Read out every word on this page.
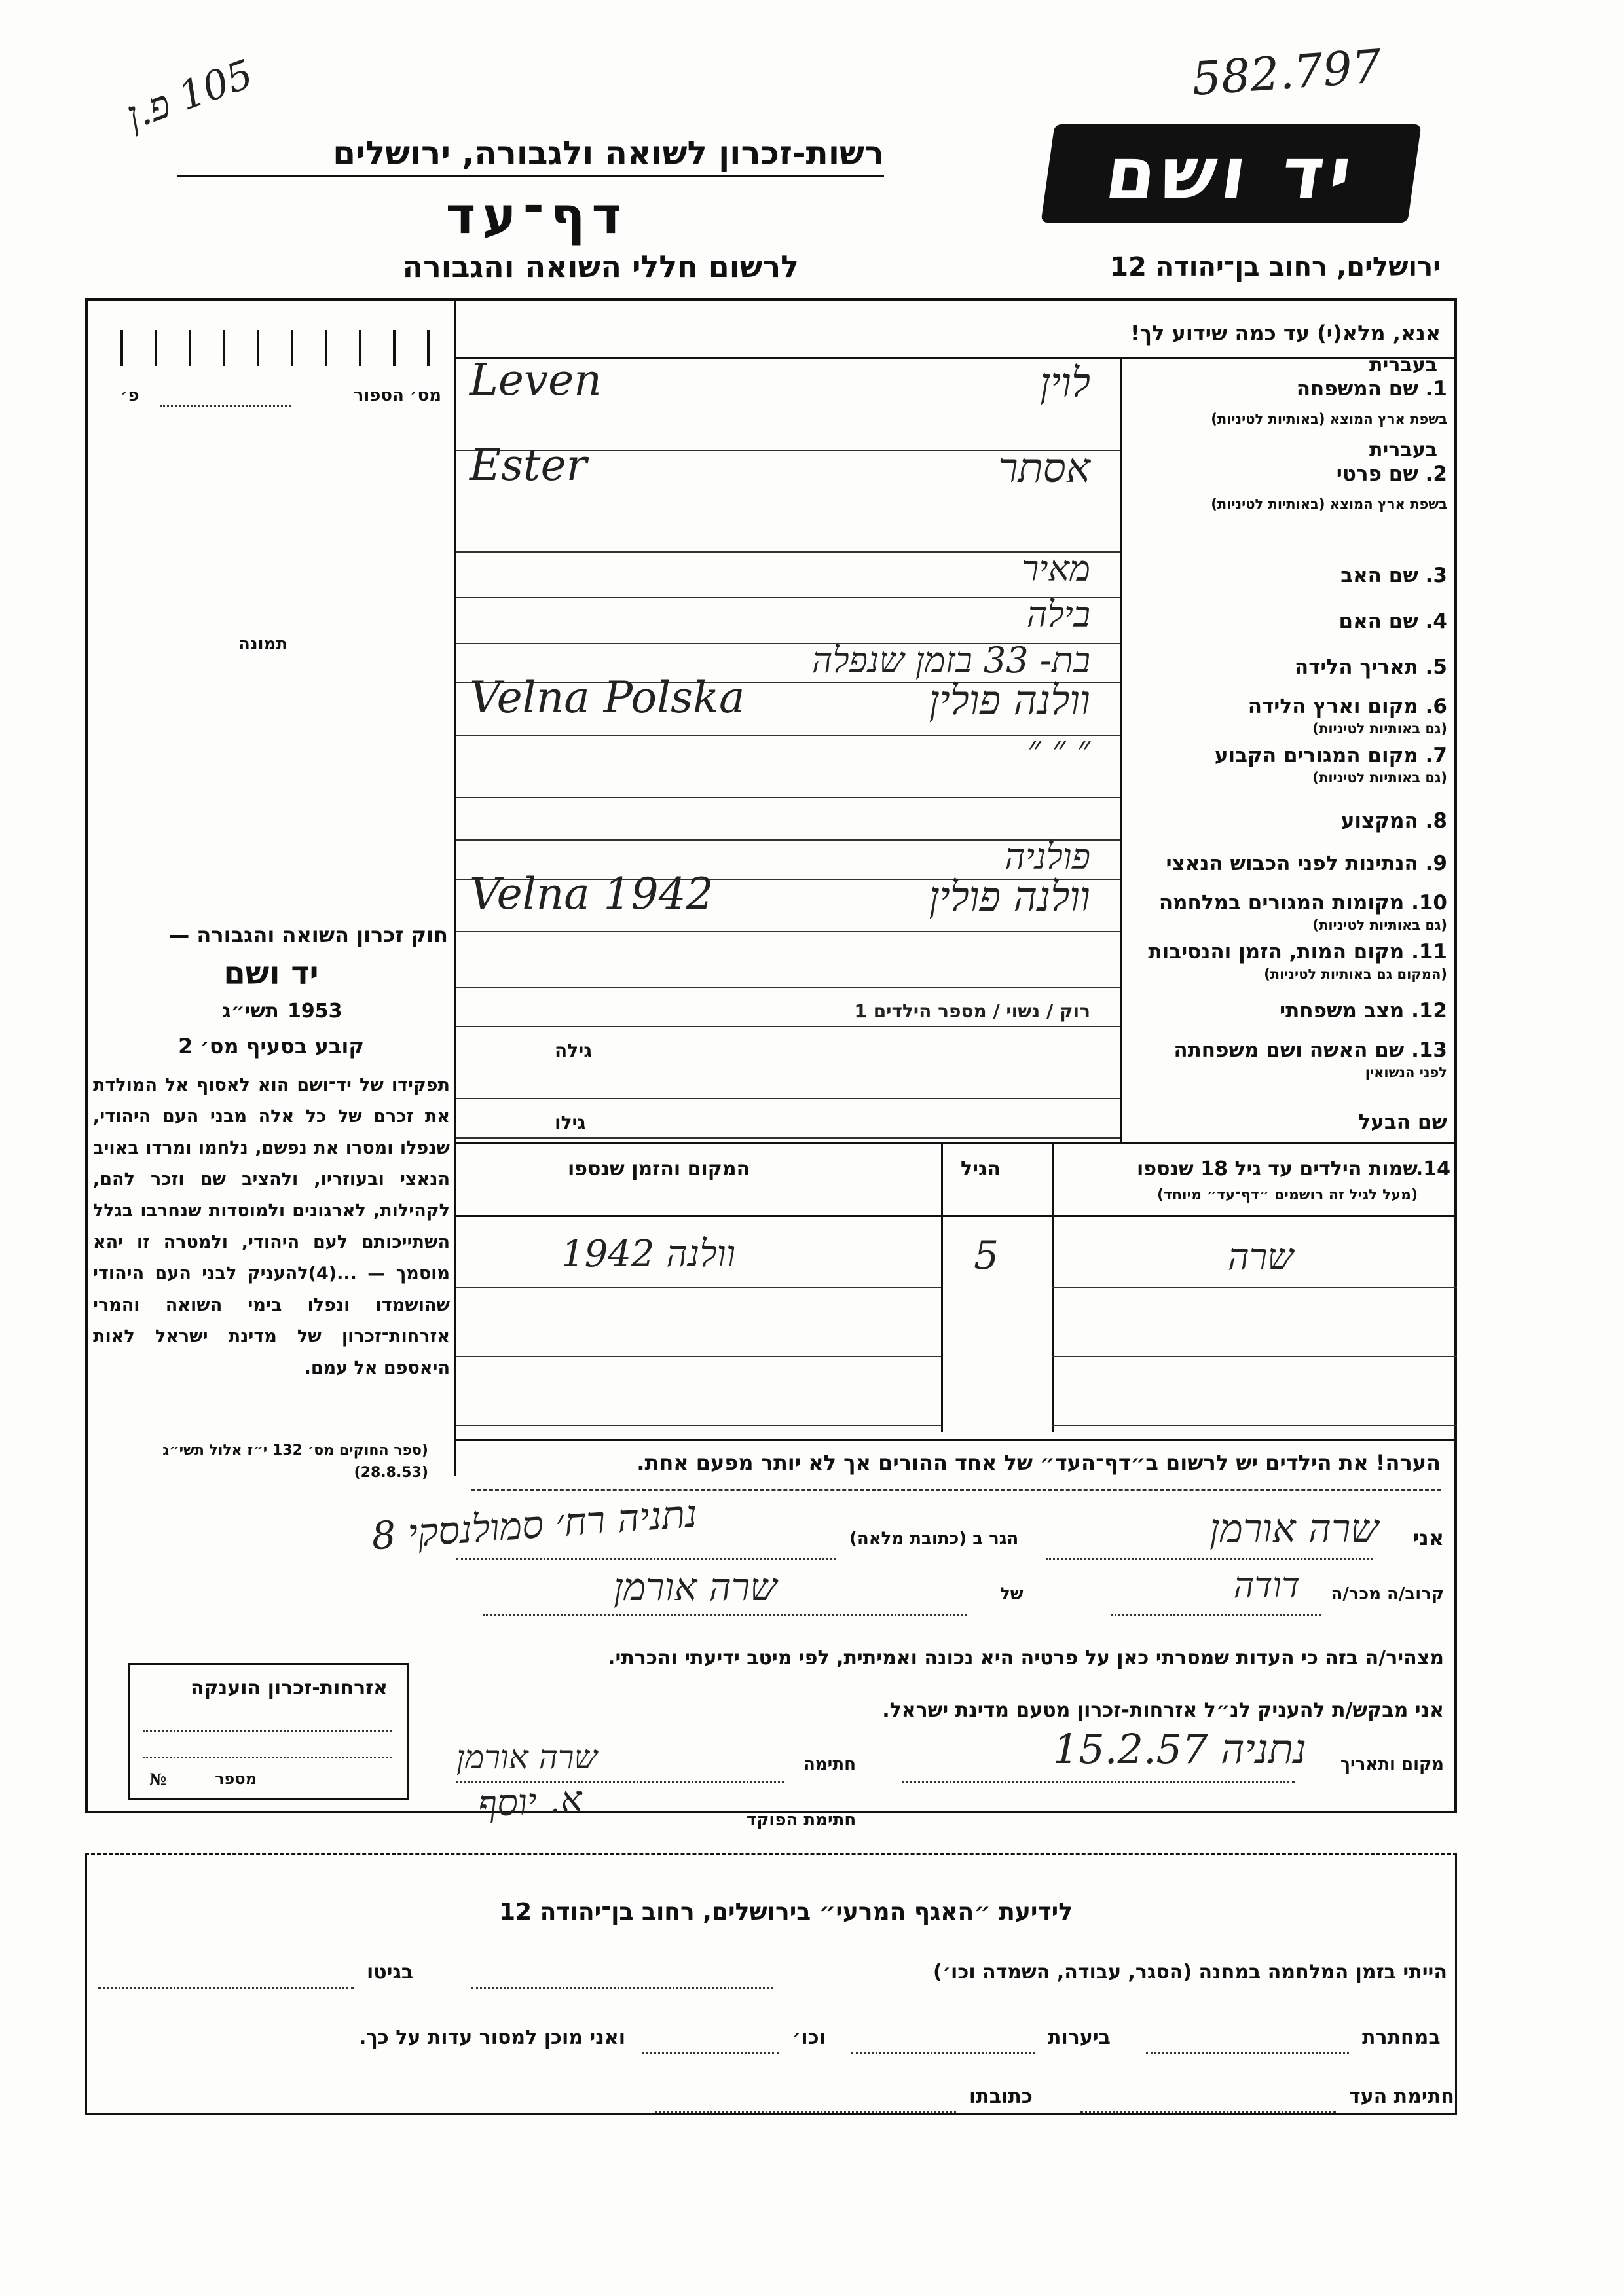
582.797
105 פ.ן
יד ושם
רשות-זכרון לשואה ולגבורה, ירושלים
דף־עד
לרשום חללי השואה והגבורה	ירושלים, רחוב בן־יהודה 12
מס׳ הספור
פ׳
תמונה
חוק זכרון השואה והגבורה —
יד ושם
תשי״ג 1953
קובע בסעיף מס׳ 2
תפקידו של יד־ושם הוא לאסוף אל המולדת את זכרם של כל אלה מבני העם היהודי, שנפלו ומסרו את נפשם, נלחמו ומרדו באויב הנאצי ובעוזריו, ולהציב שם וזכר להם, לקהילות, לארגונים ולמוסדות שנחרבו בגלל השתייכותם לעם היהודי, ולמטרה זו יהא מוסמך — ...(4)להעניק לבני העם היהודי שהושמדו ונפלו בימי השואה והמרי אזרחות־זכרון של מדינת ישראל לאות היאספם אל עמם.
(ספר החוקים מס׳ 132 י״ז אלול תשי״ג (28.8.53)
אזרחות-זכרון הוענקה
מספר
№
אנא, מלא(י) עד כמה שידוע לך!
1. שם המשפחה
בשפת ארץ המוצא (באותיות לטיניות)
בעברית
לוין
Leven
2. שם פרטי
בשפת ארץ המוצא (באותיות לטיניות)
בעברית
אסתר
Ester
3. שם האב
מאיר
4. שם האם
בילה
5. תאריך הלידה
בת- 33 בזמן שנפלה
6. מקום וארץ הלידה
(גם באותיות לטיניות)
וולנה פולין
Velna Polska
7. מקום המגורים הקבוע
(גם באותיות לטיניות)
״ ״ ״
8. המקצוע
9. הנתינות לפני הכבוש הנאצי
פולניה
10. מקומות המגורים במלחמה
(גם באותיות לטיניות)
וולנה פולין
Velna 1942
11. מקום המות, הזמן והנסיבות
(המקום גם באותיות לטיניות)
12. מצב משפחתי
רוק / נשוי / מספר הילדים 1
13. שם האשה ושם משפחתה
לפני הנשואין
גילה
שם הבעל
גילו
14.
שמות הילדים עד גיל 18 שנספו
(מעל לגיל זה רושמים ״דף־עד״ מיוחד)
הגיל
המקום והזמן שנספו
שרה
5
וולנה 1942
הערה! את הילדים יש לרשום ב״דף־העד״ של אחד ההורים אך לא יותר מפעם אחת.
אני
שרה אורמן
הגר ב (כתובת מלאה)
נתניה רח׳ סמולנסקי 8
קרוב/ה מכר/ה
דודה
של
שרה אורמן
מצהיר/ה בזה כי העדות שמסרתי כאן על פרטיה היא נכונה ואמיתית, לפי מיטב ידיעתי והכרתי.
אני מבקש/ת להעניק לנ״ל אזרחות-זכרון מטעם מדינת ישראל.
מקום ותאריך
נתניה 15.2.57
חתימה
שרה אורמן
חתימת הפוקד
א. יוסף
לידיעת ״האגף המרעי״ בירושלים, רחוב בן־יהודה 12
הייתי בזמן המלחמה במחנה (הסגר, עבודה, השמדה וכו׳)
בגיטו
במחתרת
ביערות
וכו׳
ואני מוכן למסור עדות על כך.
חתימת העד
כתובתו
